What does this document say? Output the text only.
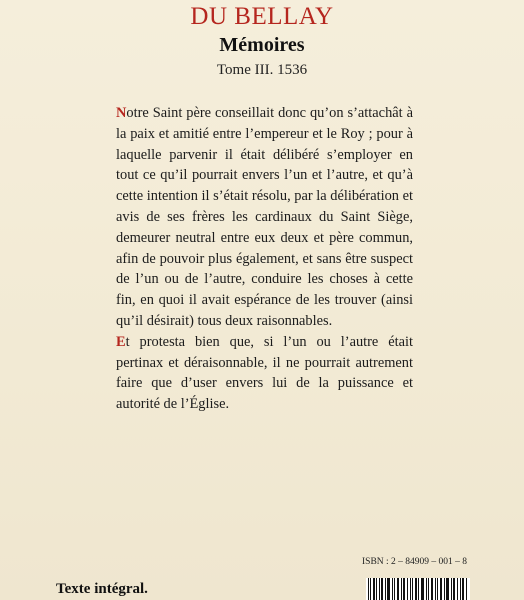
DU BELLAY
Mémoires
Tome III. 1536

Notre Saint père conseillait donc qu’on s’attachât à la paix et amitié entre l’empereur et le Roy ; pour à laquelle parvenir il était délibéré s’employer en tout ce qu’il pourrait envers l’un et l’autre, et qu’à cette intention il s’était résolu, par la délibération et avis de ses frères les cardinaux du Saint Siège, demeurer neutral entre eux deux et père commun, afin de pouvoir plus également, et sans être suspect de l’un ou de l’autre, conduire les choses à cette fin, en quoi il avait espérance de les trouver (ainsi qu’il désirait) tous deux raisonnables.

Et protesta bien que, si l’un ou l’autre était pertinax et déraisonnable, il ne pourrait autrement faire que d’user envers lui de la puissance et autorité de l’Église.

ISBN : 2 – 84909 – 001 – 8
Texte intégral.
